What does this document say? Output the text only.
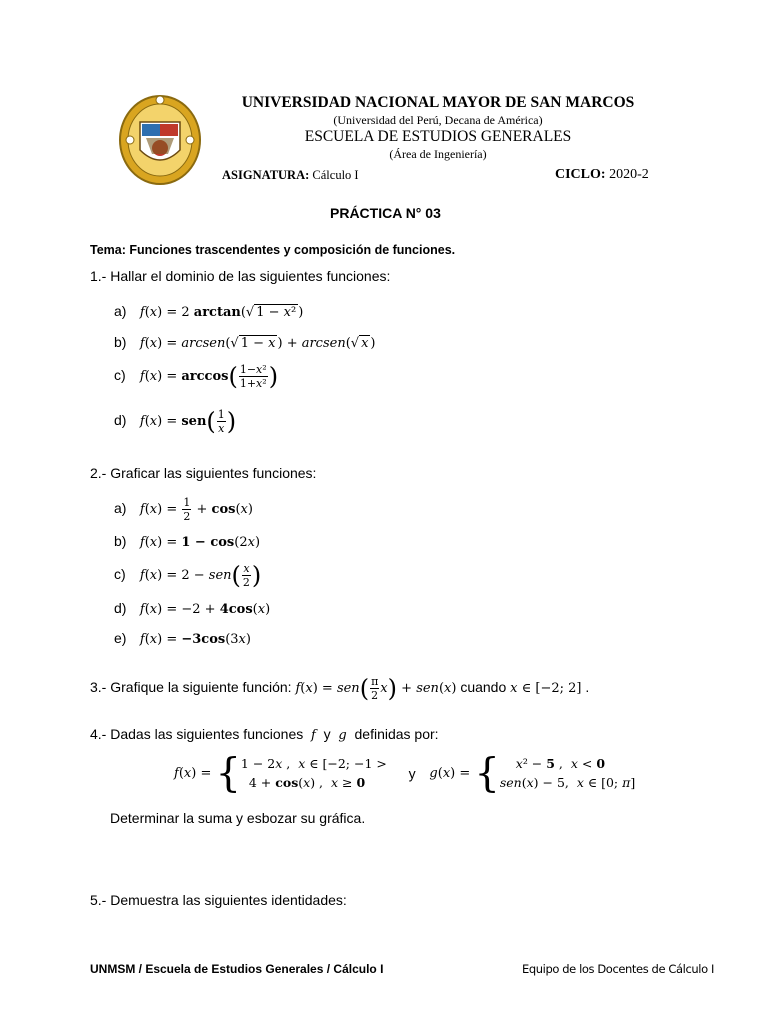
UNIVERSIDAD NACIONAL MAYOR DE SAN MARCOS
(Universidad del Perú, Decana de América)
ESCUELA DE ESTUDIOS GENERALES
(Área de Ingeniería)
ASIGNATURA: Cálculo I	CICLO: 2020-2
PRÁCTICA N° 03
Tema: Funciones trascendentes y composición de funciones.
1.- Hallar el dominio de las siguientes funciones:
a) f(x) = 2 arctan(√ 1 − x² )
b) f(x) = arcsen(√ 1 − x ) + arcsen(√ x )
c) $f(x) = \arccos( \frac{\text{1−x²}}{\text{1+x²}}$ )
d) $f(x) = sen( \frac{1}{x}$ )
2.- Graficar las siguientes funciones:
a) $f(x) = \frac{1}{2} + \cos(x)$
b) f(x) = 1 − cos(2x)
c) $f(x) = 2 - sen( \frac{x}{2}$ )
d) f(x) = −2 + 4cos(x)
e) f(x) = −3cos(3x)
3.- Grafique la siguiente función: $f(x) = sen( \frac{\pi}{2} x) + sen(x)$ cuando x ∈ [−2; 2] .
4.- Dadas las siguientes funciones f y g definidas por:
f(x) = { 1 − 2x ,  x ∈ [−2; −1 >
4 + cos(x) ,  x ≥ 0
y g(x) = {	x² − 5 ,  x < 0
sen(x) − 5,  x ∈ [0; π]
Determinar la suma y esbozar su gráfica.
5.- Demuestra las siguientes identidades:
UNMSM / Escuela de Estudios Generales / Cálculo I	Equipo de los Docentes de Cálculo I
